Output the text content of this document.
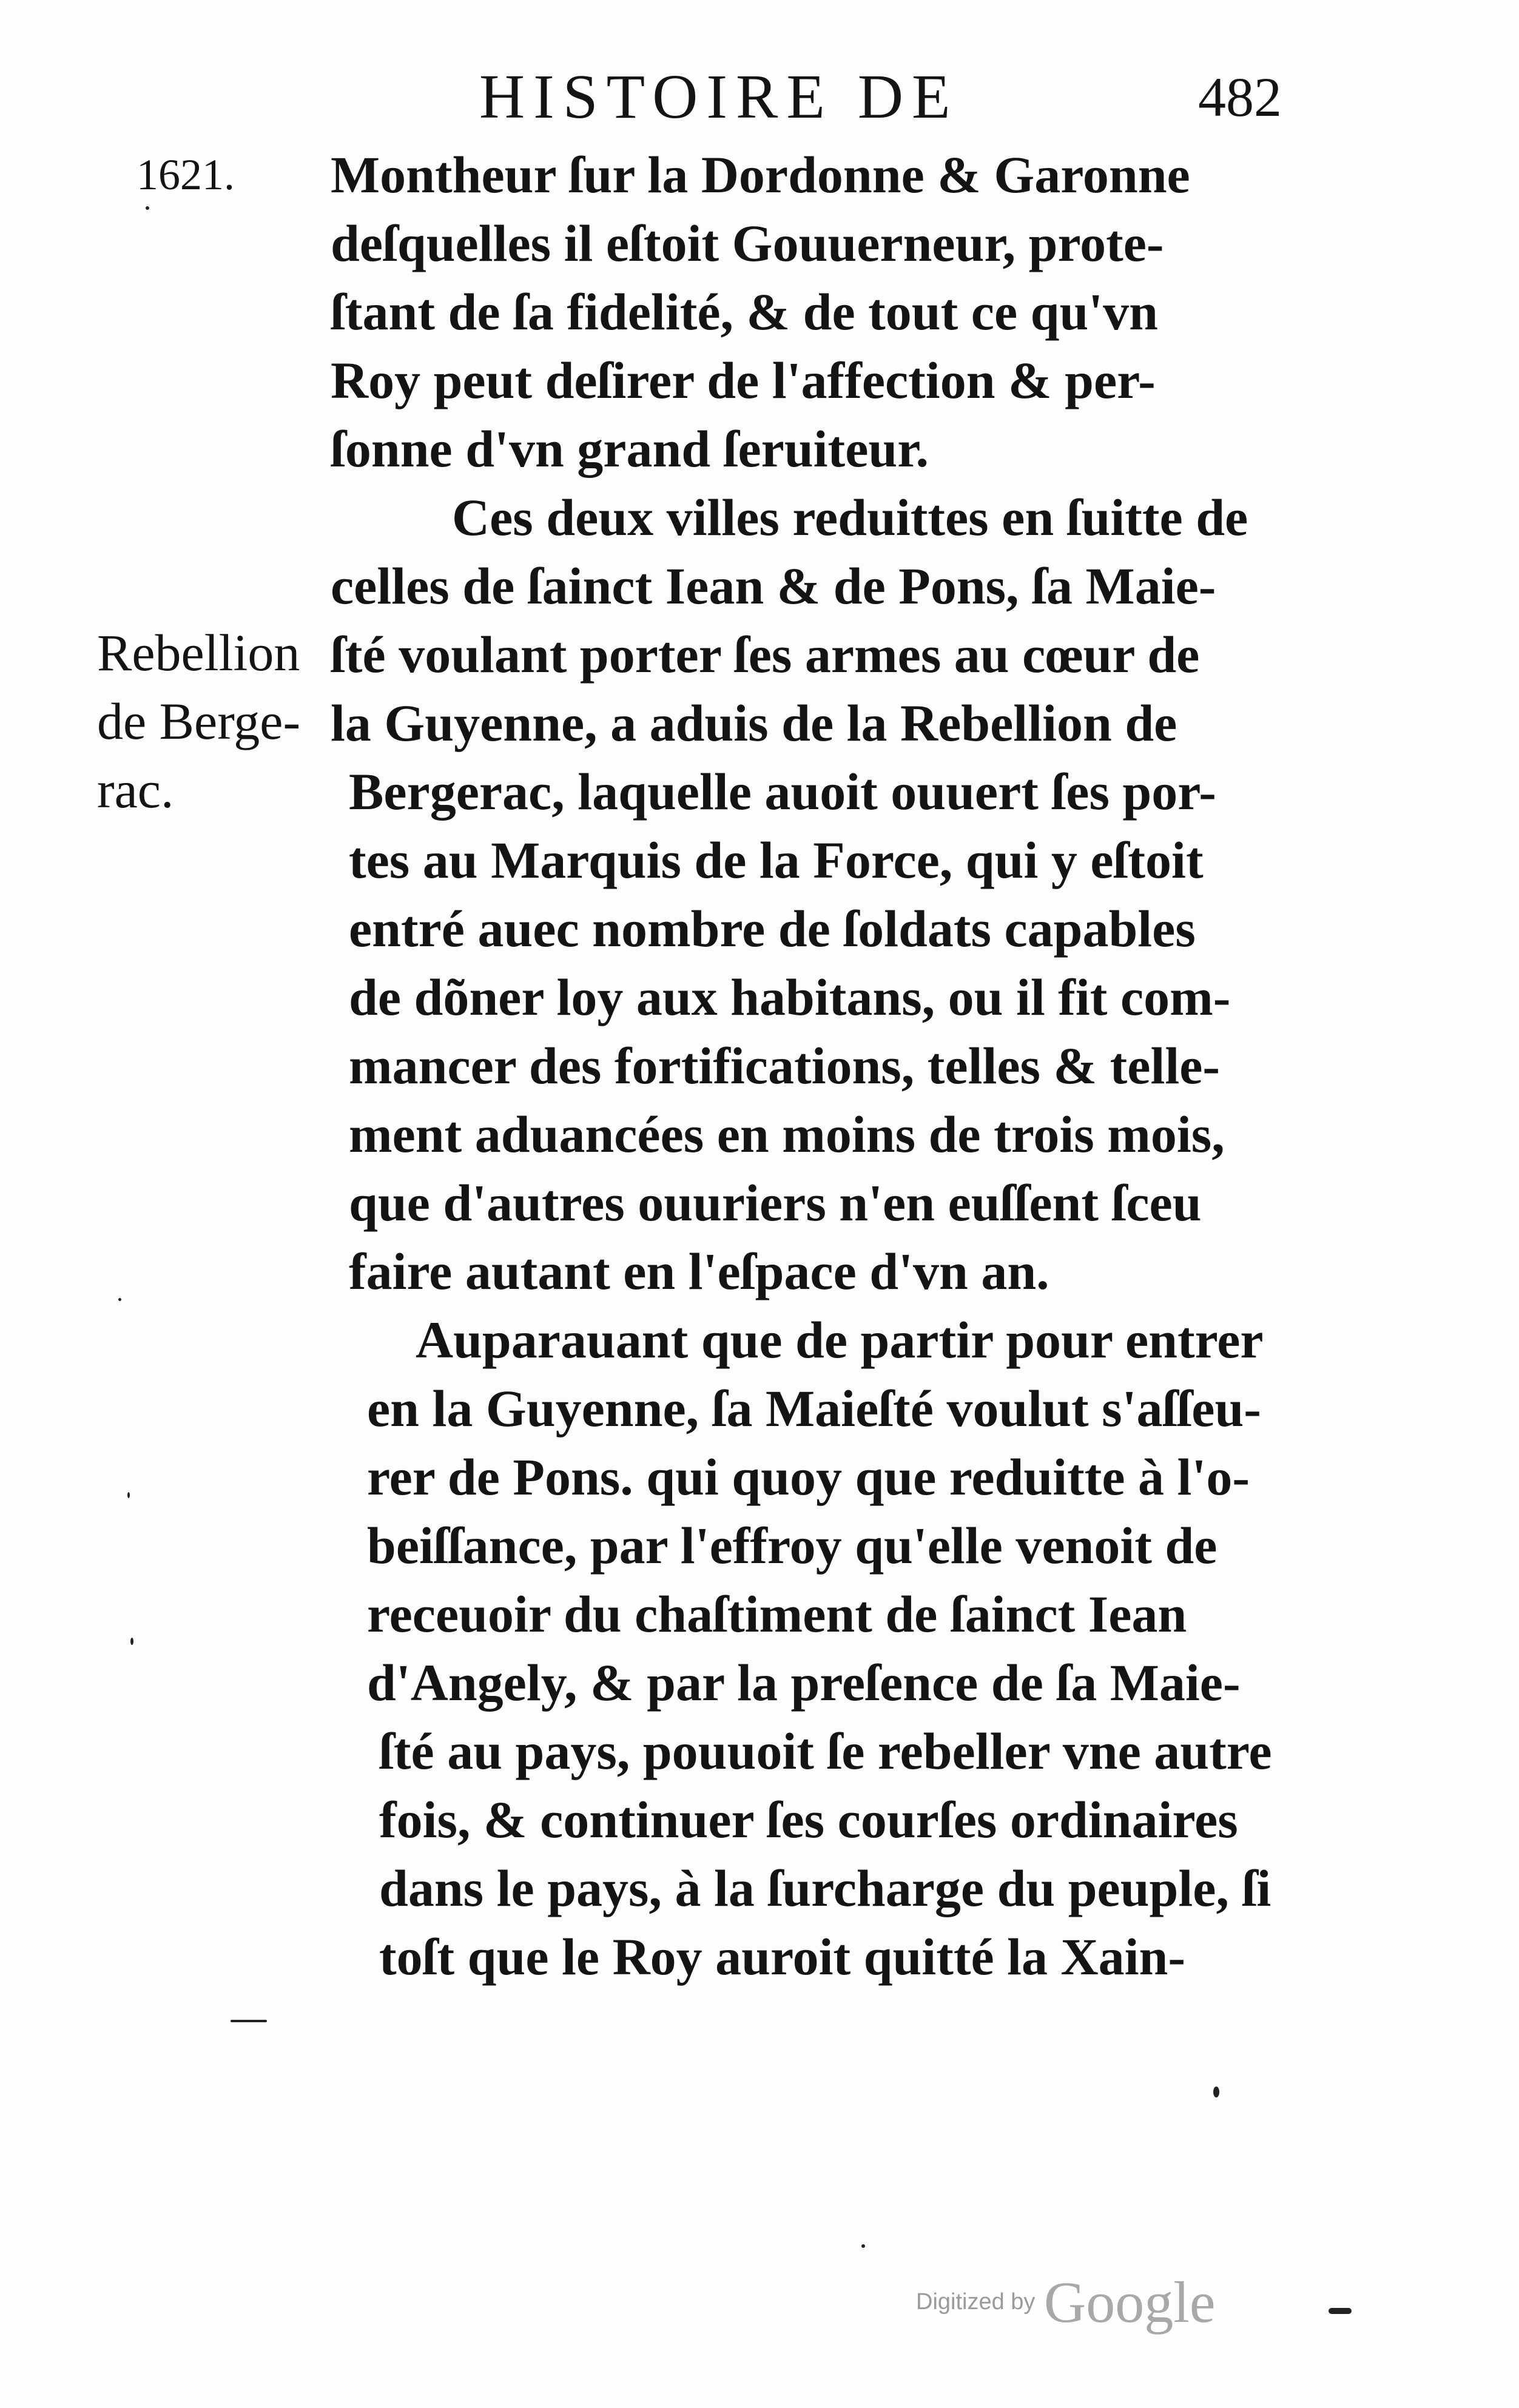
HISTOIRE DE	482
1621.
Rebellion
de Berge-
rac.
Montheur ſur la Dordonne & Garonne
deſquelles il eſtoit Gouuerneur, prote-
ſtant de ſa fidelité, & de tout ce qu'vn
Roy peut deſirer de l'affection & per-
ſonne d'vn grand ſeruiteur.
Ces deux villes reduittes en ſuitte de
celles de ſainct Iean & de Pons, ſa Maie-
ſté voulant porter ſes armes au cœur de
la Guyenne, a aduis de la Rebellion de
Bergerac, laquelle auoit ouuert ſes por-
tes au Marquis de la Force, qui y eſtoit
entré auec nombre de ſoldats capables
de dõner loy aux habitans, ou il fit com-
mancer des fortifications, telles & telle-
ment aduancées en moins de trois mois,
que d'autres ouuriers n'en euſſent ſceu
faire autant en l'eſpace d'vn an.
Auparauant que de partir pour entrer
en la Guyenne, ſa Maieſté voulut s'aſſeu-
rer de Pons. qui quoy que reduitte à l'o-
beiſſance, par l'effroy qu'elle venoit de
receuoir du chaſtiment de ſainct Iean
d'Angely, & par la preſence de ſa Maie-
ſté au pays, pouuoit ſe rebeller vne autre
fois, & continuer ſes courſes ordinaires
dans le pays, à la ſurcharge du peuple, ſi
toſt que le Roy auroit quitté la Xain-
Digitized by Google
